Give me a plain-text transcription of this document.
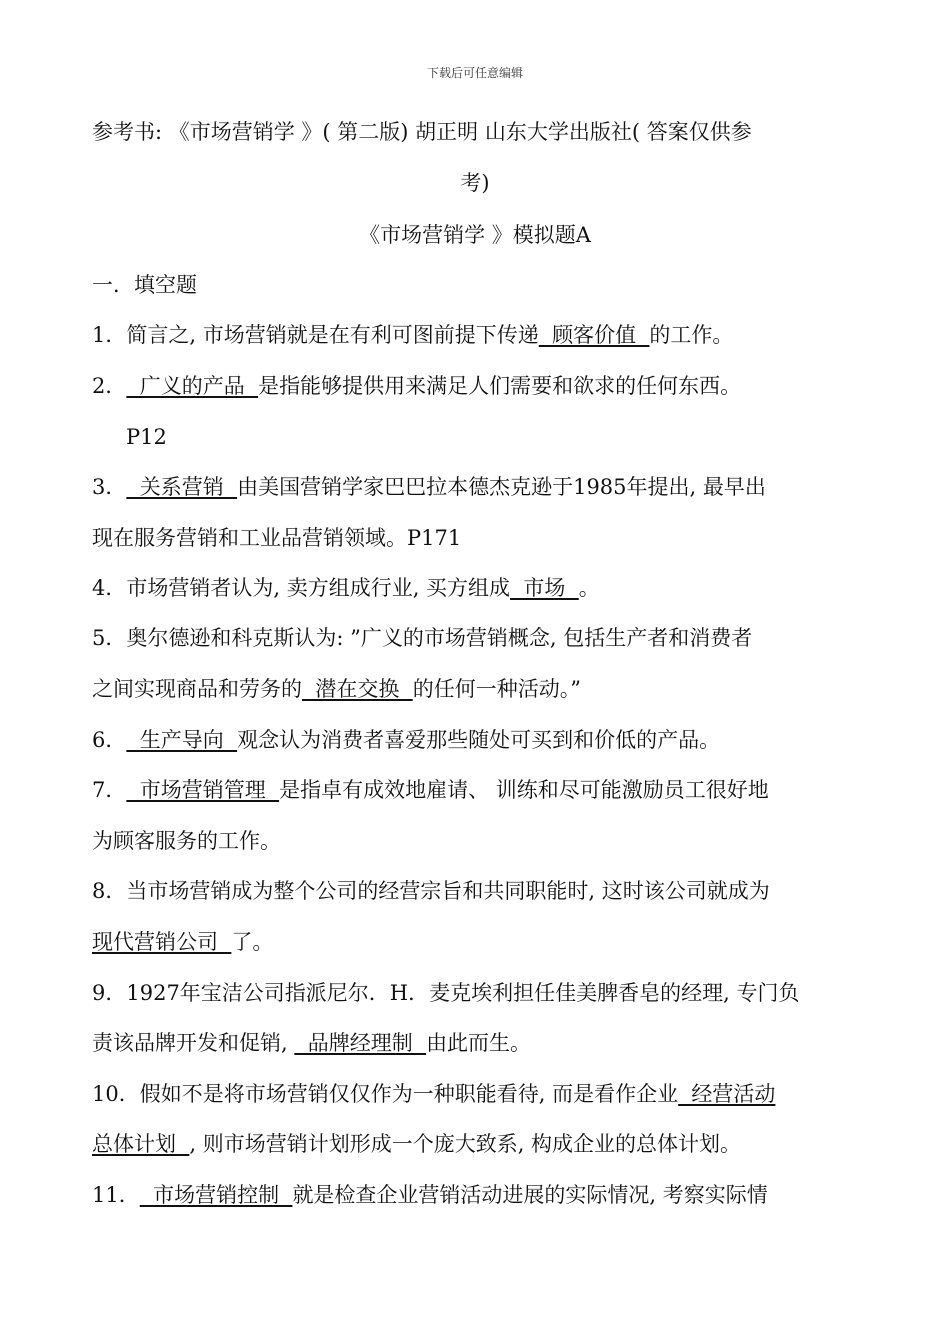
下载后可任意编辑
参考书: 《市场营销学 》( 第二版) 胡正明 山东大学出版社( 答案仅供参
考)
《市场营销学 》模拟题A
一．填空题
1．简言之, 市场营销就是在有利可图前提下传递  顾客价值  的工作。
2．  广义的产品  是指能够提供用来满足人们需要和欲求的任何东西。
P12
3．  关系营销  由美国营销学家巴巴拉本德杰克逊于1985年提出, 最早出
现在服务营销和工业品营销领域。P171
4．市场营销者认为, 卖方组成行业, 买方组成  市场  。
5．奥尔德逊和科克斯认为: ”广义的市场营销概念, 包括生产者和消费者
之间实现商品和劳务的  潜在交换  的任何一种活动。”
6．  生产导向  观念认为消费者喜爱那些随处可买到和价低的产品。
7．  市场营销管理  是指卓有成效地雇请、 训练和尽可能激励员工很好地
为顾客服务的工作。
8．当市场营销成为整个公司的经营宗旨和共同职能时, 这时该公司就成为
现代营销公司  了。
9．1927年宝洁公司指派尼尔．H．麦克埃利担任佳美脾香皂的经理, 专门负
责该品牌开发和促销,   品牌经理制  由此而生。
10．假如不是将市场营销仅仅作为一种职能看待, 而是看作企业  经营活动
总体计划  , 则市场营销计划形成一个庞大致系, 构成企业的总体计划。
11．  市场营销控制  就是检查企业营销活动进展的实际情况, 考察实际情
